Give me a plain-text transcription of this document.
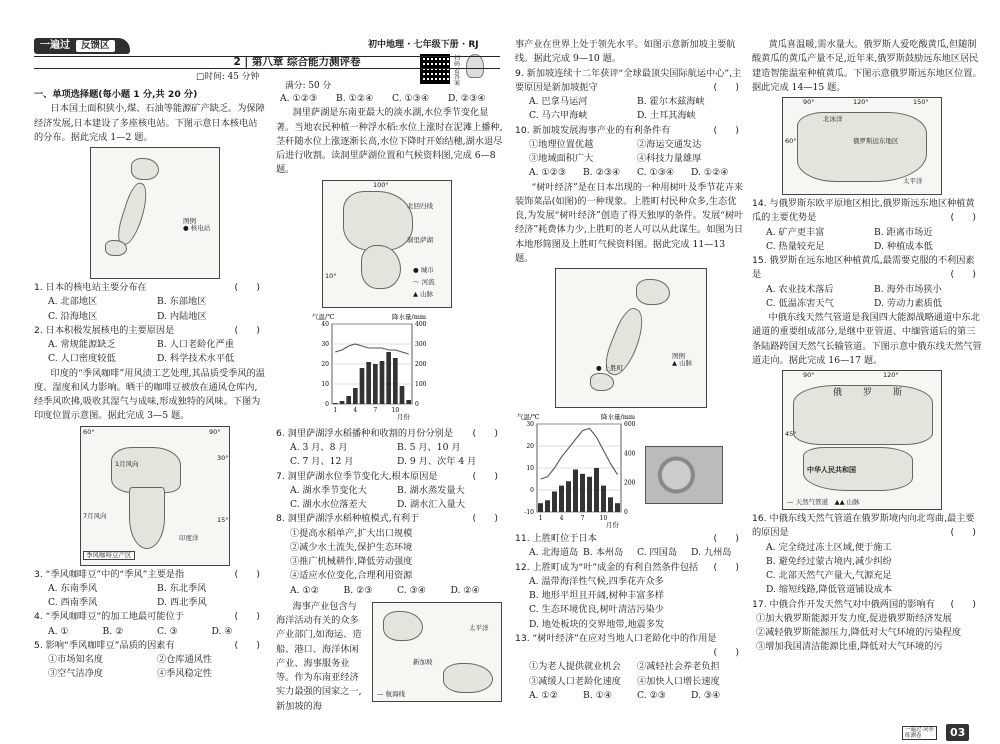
一遍过	反馈区	初中地理 · 七年级下册 · RJ
扫码看答案
2 | 第八章 综合能力测评卷
□时间: 45 分钟
满分: 50 分

一、单项选择题(每小题 1 分,共 20 分)

日本国土面积狭小,煤、石油等能源矿产缺乏。为保障经济发展,日本建设了多座核电站。下图示意日本核电站的分布。据此完成 1—2 题。

图例
● 核电站
1. 日本的核电站主要分布在	(　　)
A. 北部地区	B. 东部地区
C. 沿海地区	D. 内陆地区
2. 日本积极发展核电的主要原因是	(　　)
A. 常规能源缺乏	B. 人口老龄化严重
C. 人口密度较低	D. 科学技术水平低

印度的“季风咖啡”用风渍工艺处理,其品质受季风的温度、湿度和风力影响。晒干的咖啡豆被放在通风仓库内,经季风吹拂,吸收其湿气与成味,形成独特的风味。下图为印度位置示意图。据此完成 3—5 题。

60°	90°
1月风向
7月风向
30°
15°
印度洋
季风咖啡豆产区
3. “季风咖啡豆”中的“季风”主要是指	(　　)
A. 东南季风	B. 东北季风
C. 西南季风	D. 西北季风
4. “季风咖啡豆”的加工地最可能位于	(　　)
A. ①	B. ②	C. ③	D. ④
5. 影响“季风咖啡豆”品质的因素有	(　　)
①市场知名度	②仓库通风性
③空气洁净度	④季风稳定性
A. ①②③	B. ①②④	C. ①③④	D. ②③④

洞里萨湖是东南亚最大的淡水湖,水位季节变化显著。当地农民种植一种浮水稻:水位上涨时在泥滩上播种,茎秆随水位上涨逐渐长高,水位下降时开始结穗,湖水退尽后进行收割。读洞里萨湖位置和气候资料图,完成 6—8 题。

100°
北回归线
洞里萨湖
10°
● 城市
～ 河流
▲ 山脉
气温/℃	降水量/mm
0
10
20
30
40
0
100
200
300
400
1	4	7 10
月份
6. 洞里萨湖浮水稻播种和收割的月份分别是 (　　)
A. 3 月、8 月	B. 5 月、10 月
C. 7 月、12 月	D. 9 月、次年 4 月
7. 洞里萨湖水位季节变化大,根本原因是	(　　)
A. 湖水季节变化大	B. 湖水蒸发量大
C. 湖水水位落差大	D. 湖水汇入量大
8. 洞里萨湖浮水稻种植模式,有利于	(　　)
①提高水稻单产,扩大出口规模
②减少水土流失,保护生态环境
③推广机械耕作,降低劳动强度
④适应水位变化,合理利用资源
A. ①②	B. ②③	C. ③④	D. ②④

海事产业包含与海洋活动有关的众多产业部门,如海运、造船、港口、海洋休闲产业、海事服务业等。作为东南亚经济实力最强的国家之一,新加坡的海

新加坡
太平洋
— 航海线

事产业在世界上处于领先水平。如图示意新加坡主要航线。据此完成 9—10 题。

9. 新加坡连续十二年获评“全球最顶尖国际航运中心”,主要原因是新加坡扼守	(　　)
A. 巴拿马运河	B. 霍尔木兹海峡
C. 马六甲海峡	D. 土耳其海峡
10. 新加坡发展海事产业的有利条件有	(　　)
①地理位置优越	②海运交通发达
③地域面积广大	④科技力量雄厚
A. ①②③	B. ②③④	C. ①③④	D. ①②④

“树叶经济”是在日本出现的一种用树叶及季节花卉来装饰菜品(如图)的一种现象。上胜町村民种众多,生态优良,为发展“树叶经济”创造了得天独厚的条件。发展“树叶经济”耗费体力少,上胜町的老人可以从此谋生。如图为日本地形简图及上胜町气候资料图。据此完成 11—13 题。

图例
▲ 山脉
● 上胜町
气温/℃	降水量/mm
-10
0
10
20
30
0
200
400
600
1	4	7	10
月份
11. 上胜町位于日本	(　　)
A. 北海道岛 B. 本州岛	C. 四国岛	D. 九州岛
12. 上胜町成为“叶”成金的有利自然条件包括 (　　)
A. 温带海洋性气候,四季花卉众多
B. 地形平坦且开阔,树种丰富多样
C. 生态环境优良,树叶清洁污染少
D. 地处板块的交界地带,地震多发
13. “树叶经济”在应对当地人口老龄化中的作用是
(　　)
①为老人提供就业机会	②减轻社会养老负担
③减缓人口老龄化速度	④加快人口增长速度
A. ①②	B. ①④	C. ②③	D. ③④

黄瓜喜温暖,需水量大。俄罗斯人爱吃酸黄瓜,但随制酸黄瓜的黄瓜产量不足,近年来,俄罗斯鼓励远东地区居民建造智能温室种植黄瓜。下图示意俄罗斯远东地区位置。据此完成 14—15 题。

90°	120°	150°
60°	俄罗斯远东地区
北冰洋
太平洋
14. 与俄罗斯东欧平原地区相比,俄罗斯远东地区种植黄瓜的主要优势是	(　　)
A. 矿产更丰富	B. 距离市场近
C. 热量较充足	D. 种植成本低
15. 俄罗斯在远东地区种植黄瓜,最需要克服的不利因素是	(　　)
A. 农业技术落后	B. 海外市场狭小
C. 低温冻害天气	D. 劳动力素质低

中俄东线天然气管道是我国四大能源战略通道中东北通道的重要组成部分,是继中亚管道、中缅管道后的第三条陆路跨国天然气长输管道。下图示意中俄东线天然气管道走向。据此完成 16—17 题。

90°	120°
俄 罗 斯
45°
中华人民共和国
— 天然气管道　▲▲ 山脉
16. 中俄东线天然气管道在俄罗斯境内向北弯曲,最主要的原因是	(　　)
A. 完全绕过冻土区域,便于施工
B. 避免经过蒙古境内,减少纠纷
C. 北部天然气产量大,气源充足
D. 缩短线路,降低管道铺设成本
17. 中俄合作开发天然气对中俄两国的影响有 (　　)
①加大俄罗斯能源开发力度,促进俄罗斯经济发展
②减轻俄罗斯能源压力,降低对大气环境的污染程度
③增加我国清洁能源比重,降低对大气环境的污
一遍过·同步
练测卷	03
